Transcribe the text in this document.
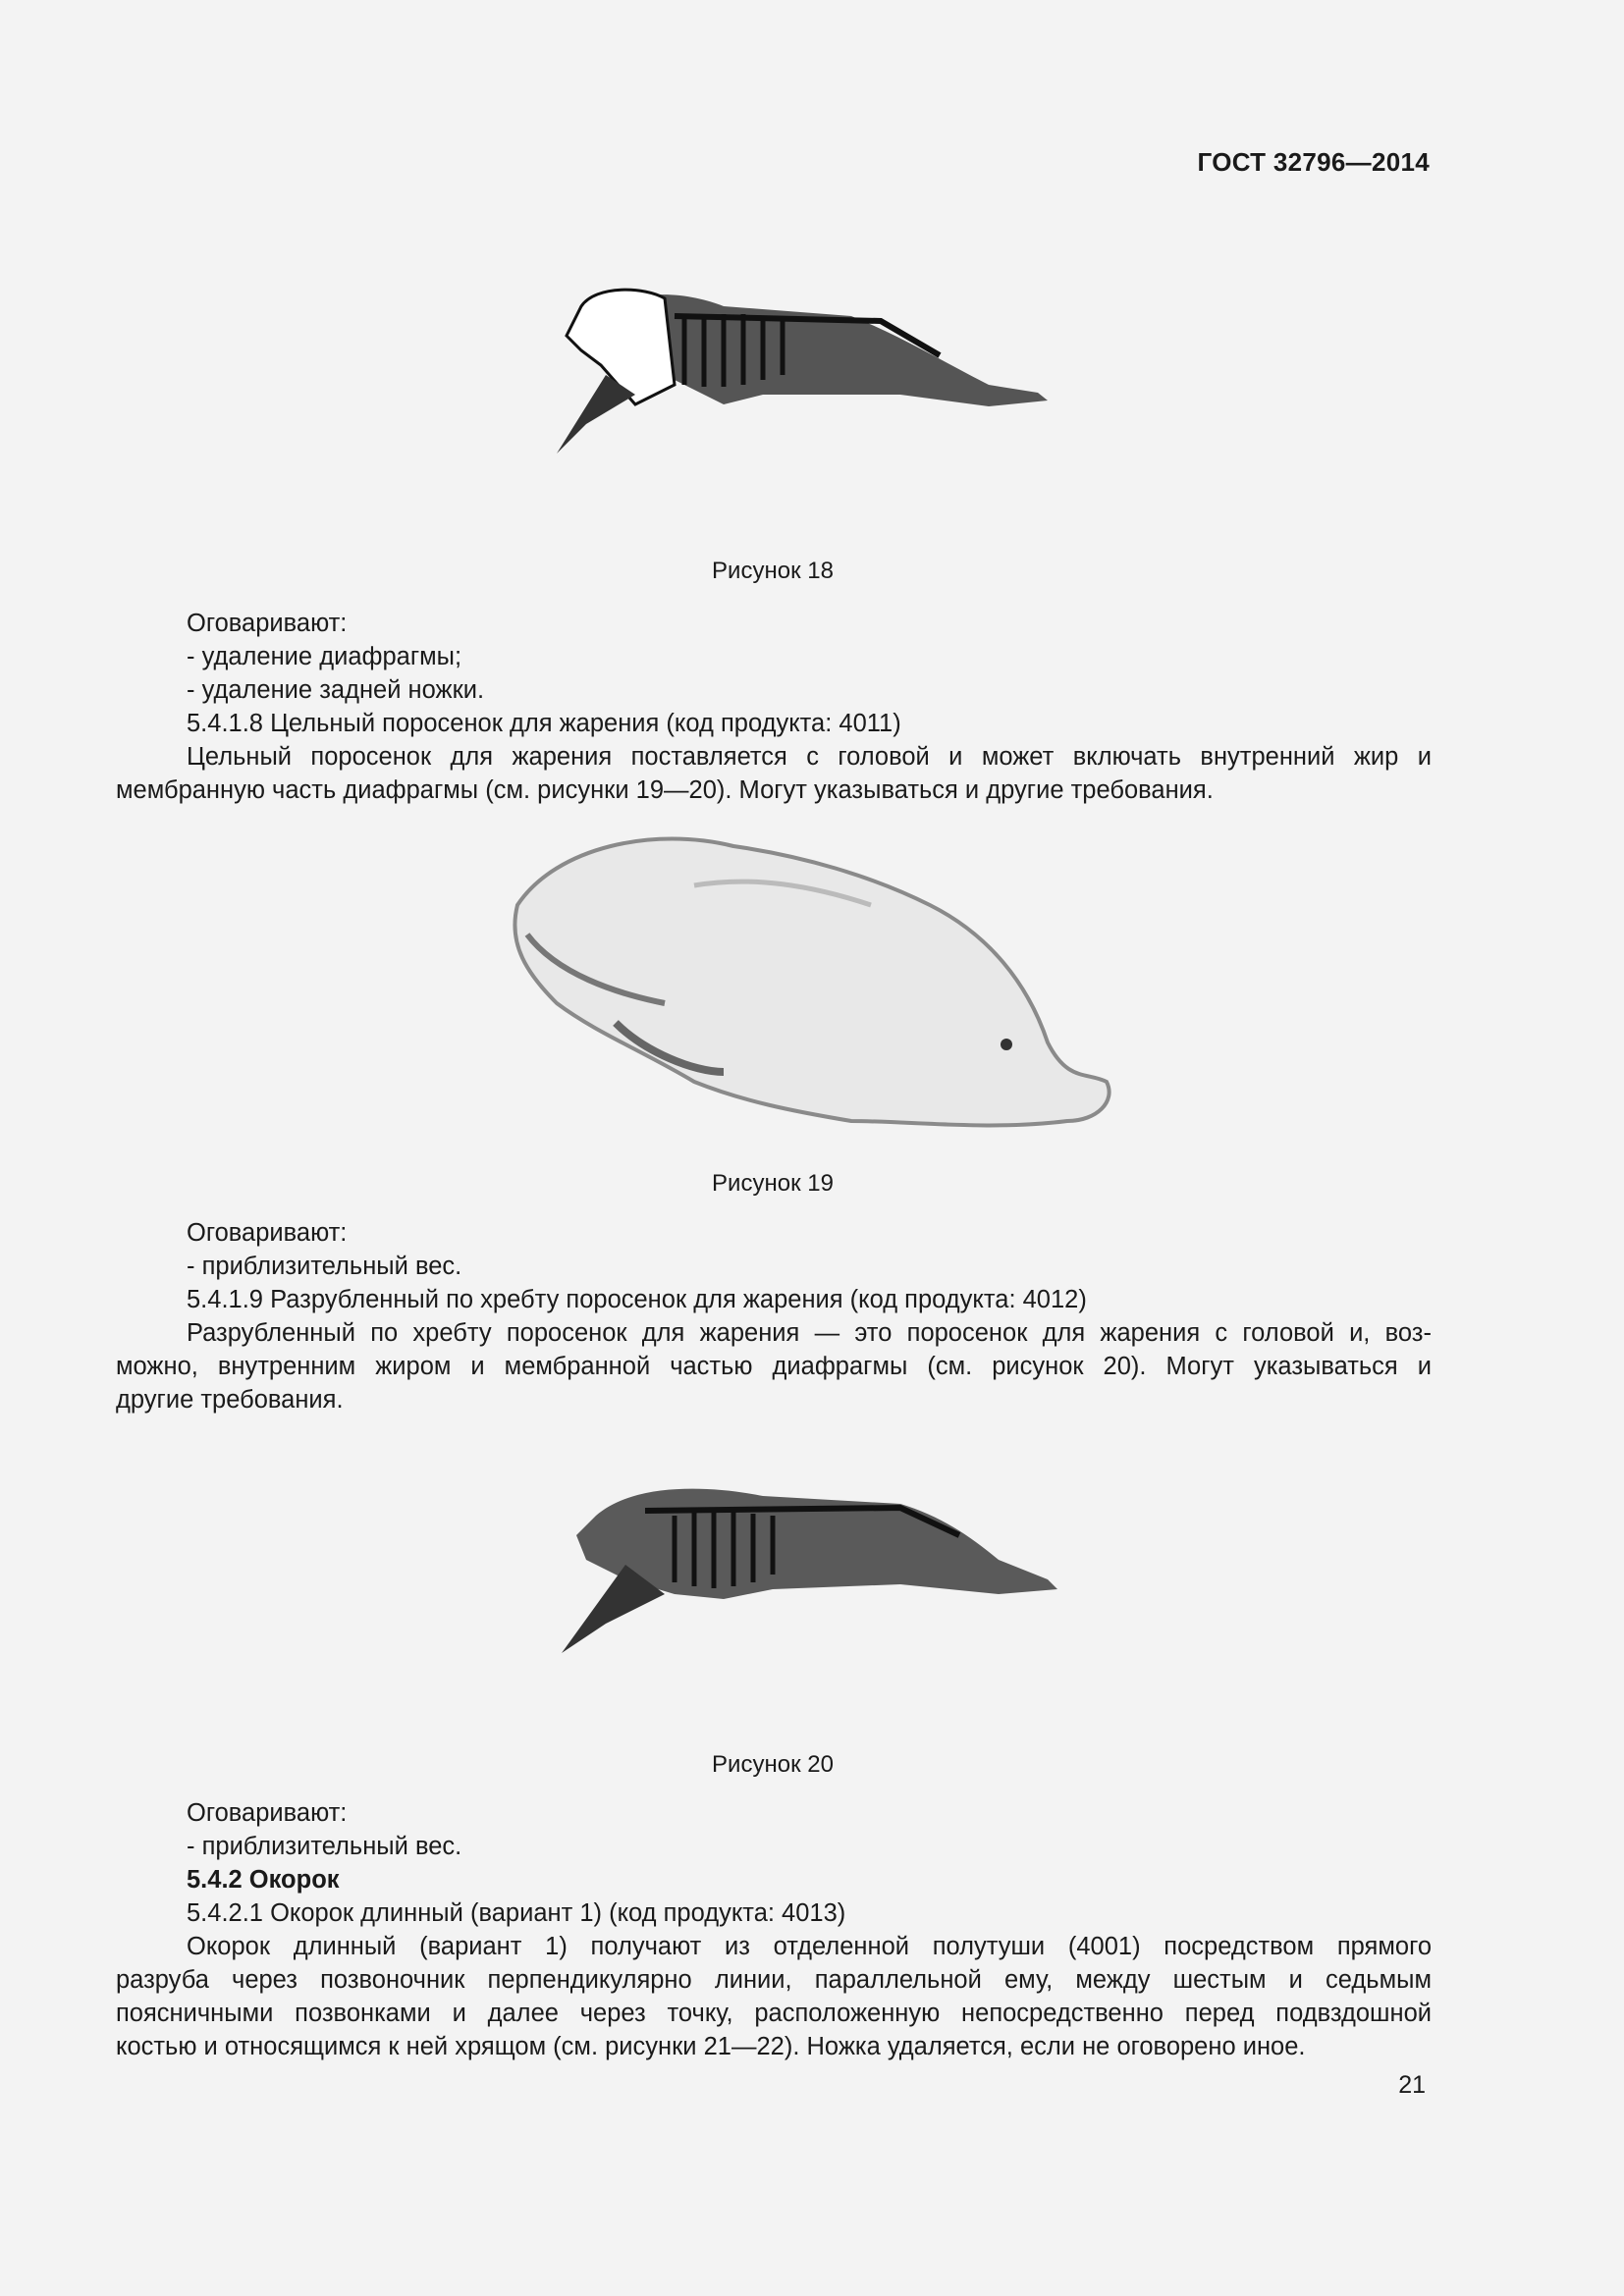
ГОСТ 32796—2014
Рисунок 18
Оговаривают:
- удаление диафрагмы;
- удаление задней ножки.
5.4.1.8 Цельный поросенок для жарения (код продукта: 4011)
Цельный поросенок для жарения поставляется с головой и может включать внутренний жир и
мембранную часть диафрагмы (см. рисунки 19—20). Могут указываться и другие требования.
Рисунок 19
Оговаривают:
- приблизительный вес.
5.4.1.9 Разрубленный по хребту поросенок для жарения (код продукта: 4012)
Разрубленный по хребту поросенок для жарения — это поросенок для жарения с головой и, воз-
можно, внутренним жиром и мембранной частью диафрагмы (см. рисунок 20). Могут указываться и
другие требования.
Рисунок 20
Оговаривают:
- приблизительный вес.
5.4.2 Окорок
5.4.2.1 Окорок длинный (вариант 1) (код продукта: 4013)
Окорок длинный (вариант 1) получают из отделенной полутуши (4001) посредством прямого
разруба через позвоночник перпендикулярно линии, параллельной ему, между шестым и седьмым
поясничными позвонками и далее через точку, расположенную непосредственно перед подвздошной
костью и относящимся к ней хрящом (см. рисунки 21—22). Ножка удаляется, если не оговорено иное.
21
